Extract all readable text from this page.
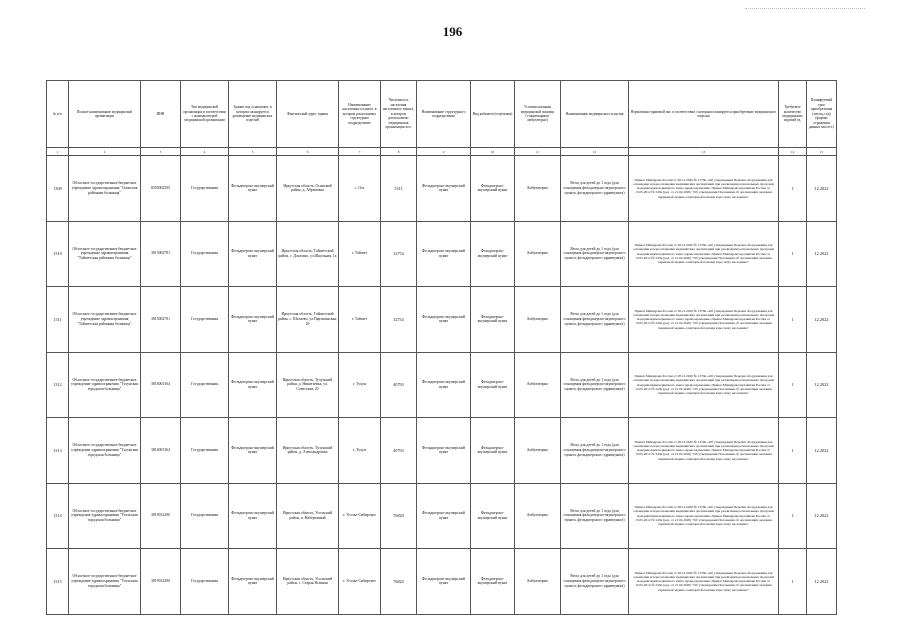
196
№ п/п	Полное наименование медицинской организации	ИНН	Тип медицинской организации в соответствии с номенклатурой медицинской организации	Здание под оснащение, в котором планируется размещение медицинских изделий	Фактический адрес здания	Наименование населенного пункта, в котором расположено структурное подразделение	Численность населения населенного пункта, в котором расположено медицинская организация чел.	Наименование структурного подразделения	Вид кабинета (отделения)	Условия оказания медицинской помощи (стационарные/амбулаторно)	Наименование медицинского изделия	Нормативно-правовой акт, в соответствии с которым планируется приобретение медицинского изделия	Требуемое количество медицинских изделий ед.	Планируемый срок приобретения (месяц, год) (формат отражения данных мм.гггг.)
1	2	3	4	5	6	7	8	9	10	11	12	13	14	15
1309	Областное государственное бюджетное учреждение здравоохранения "Осинская районная больница"	8505002505	Государственная	Фельдшерско-акушерский пункт	Иркутская область, Осинский район, д. Абрамовка	с. Оса	5311	Фельдшерско-акушерский пункт	Фельдшерско-акушерский пункт	Амбулаторно	Весы для детей до 1 года (для оснащения фельдшерско-акушерского пункта, фельдшерского здравпункта)	Приказ Минздрава России от 28.12.2020 № 1379н «Об утверждении Перечня оборудования для оснащения и переоснащения медицинских организаций при реализации региональных программ модернизации первичного звена здравоохранения» Приказ Минздравсоцразвития России от 15.05.2012 № 543н (ред. от 21.02.2020) "Об утверждении Положения об организации оказания первичной медико-санитарной помощи взрослому населению"	1	12.2022
1310	Областное государственное бюджетное учреждение здравоохранения "Тайшетская районная больница"	3815002781	Государственная	Фельдшерско-акушерский пункт	Иркутская область, Тайшетский район, с. Джогино, ул.Школьная, 1а	г. Тайшет	32754	Фельдшерско-акушерский пункт	Фельдшерско-акушерский пункт	Амбулаторно	Весы для детей до 1 года (для оснащения фельдшерско-акушерского пункта, фельдшерского здравпункта)	Приказ Минздрава России от 28.12.2020 № 1379н «Об утверждении Перечня оборудования для оснащения и переоснащения медицинских организаций при реализации региональных программ модернизации первичного звена здравоохранения» Приказ Минздравсоцразвития России от 15.05.2012 № 543н (ред. от 21.02.2020) "Об утверждении Положения об организации оказания первичной медико-санитарной помощи взрослому населению"	1	12.2022
1311	Областное государственное бюджетное учреждение здравоохранения "Тайшетская районная больница"	3815002781	Государственная	Фельдшерско-акушерский пункт	Иркутская область, Тайшетский район, с. Шелаево, ул.Партизанская, 29	г. Тайшет	32754	Фельдшерско-акушерский пункт	Фельдшерско-акушерский пункт	Амбулаторно	Весы для детей до 1 года (для оснащения фельдшерско-акушерского пункта, фельдшерского здравпункта)	Приказ Минздрава России от 28.12.2020 № 1379н «Об утверждении Перечня оборудования для оснащения и переоснащения медицинских организаций при реализации региональных программ модернизации первичного звена здравоохранения» Приказ Минздравсоцразвития России от 15.05.2012 № 543н (ред. от 21.02.2020) "Об утверждении Положения об организации оказания первичной медико-санитарной помощи взрослому населению"	1	12.2022
1312	Областное государственное бюджетное учреждение здравоохранения "Тулунская городская больница"	3816001364	Государственная	Фельдшерско-акушерский пункт	Иркутская область, Тулунский район, д. Никитаевка, ул. Советская, 20	г. Тулун	40793	Фельдшерско-акушерский пункт	Фельдшерско-акушерский пункт	Амбулаторно	Весы для детей до 1 года (для оснащения фельдшерско-акушерского пункта, фельдшерского здравпункта)	Приказ Минздрава России от 28.12.2020 № 1379н «Об утверждении Перечня оборудования для оснащения и переоснащения медицинских организаций при реализации региональных программ модернизации первичного звена здравоохранения» Приказ Минздравсоцразвития России от 15.05.2012 № 543н (ред. от 21.02.2020) "Об утверждении Положения об организации оказания первичной медико-санитарной помощи взрослому населению"	1	12.2022
1313	Областное государственное бюджетное учреждение здравоохранения "Тулунская городская больница"	3816001364	Государственная	Фельдшерско-акушерский пункт	Иркутская область, Тулунский район, д. Александровка	г. Тулун	40793	Фельдшерско-акушерский пункт	Фельдшерско-акушерский пункт	Амбулаторно	Весы для детей до 1 года (для оснащения фельдшерско-акушерского пункта, фельдшерского здравпункта)	Приказ Минздрава России от 28.12.2020 № 1379н «Об утверждении Перечня оборудования для оснащения и переоснащения медицинских организаций при реализации региональных программ модернизации первичного звена здравоохранения» Приказ Минздравсоцразвития России от 15.05.2012 № 543н (ред. от 21.02.2020) "Об утверждении Положения об организации оказания первичной медико-санитарной помощи взрослому населению"	1	12.2022
1314	Областное государственное бюджетное учреждение здравоохранения "Усольская городская больница"	3819012290	Государственная	Фельдшерско-акушерский пункт	Иркутская область, Усольский район, п. Набережный	г. Усолье-Сибирское	76820	Фельдшерско-акушерский пункт	Фельдшерско-акушерский пункт	Амбулаторно	Весы для детей до 1 года (для оснащения фельдшерско-акушерского пункта, фельдшерского здравпункта)	Приказ Минздрава России от 28.12.2020 № 1379н «Об утверждении Перечня оборудования для оснащения и переоснащения медицинских организаций при реализации региональных программ модернизации первичного звена здравоохранения» Приказ Минздравсоцразвития России от 15.05.2012 № 543н (ред. от 21.02.2020) "Об утверждении Положения об организации оказания первичной медико-санитарной помощи взрослому населению"	1	12.2022
1315	Областное государственное бюджетное учреждение здравоохранения "Усольская городская больница"	3819012290	Государственная	Фельдшерско-акушерский пункт	Иркутская область, Усольский район, с. Старая Ясачная	г. Усолье-Сибирское	76820	Фельдшерско-акушерский пункт	Фельдшерско-акушерский пункт	Амбулаторно	Весы для детей до 1 года (для оснащения фельдшерско-акушерского пункта, фельдшерского здравпункта)	Приказ Минздрава России от 28.12.2020 № 1379н «Об утверждении Перечня оборудования для оснащения и переоснащения медицинских организаций при реализации региональных программ модернизации первичного звена здравоохранения» Приказ Минздравсоцразвития России от 15.05.2012 № 543н (ред. от 21.02.2020) "Об утверждении Положения об организации оказания первичной медико-санитарной помощи взрослому населению"	1	12.2022
